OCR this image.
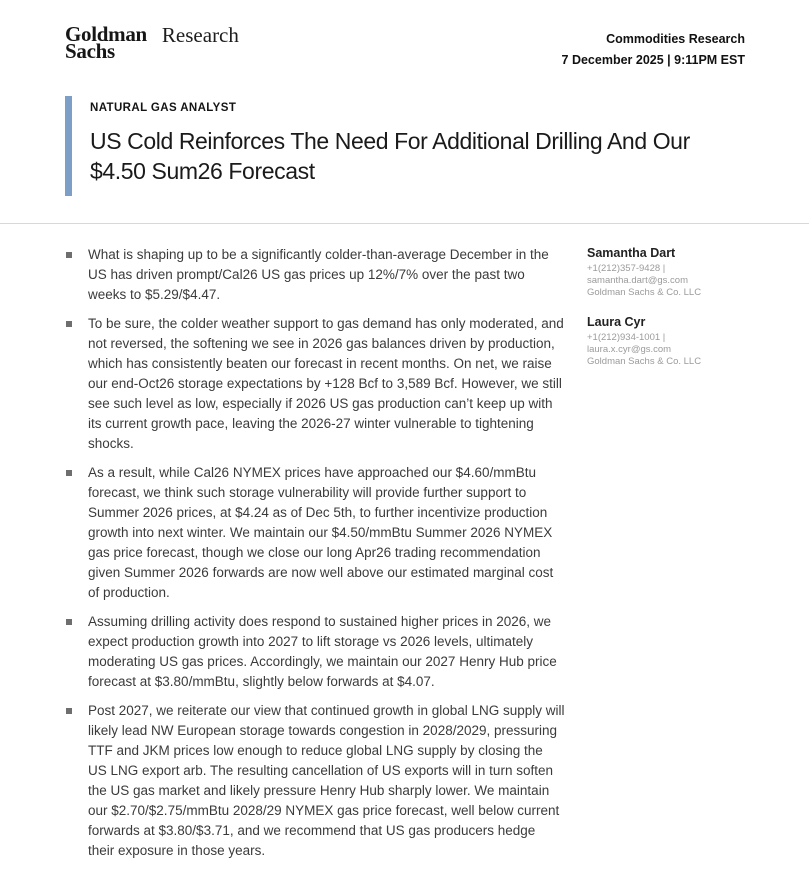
Goldman
Sachs
Research	Commodities Research
7 December 2025 | 9:11PM EST
NATURAL GAS ANALYST
US Cold Reinforces The Need For Additional Drilling And Our $4.50 Sum26 Forecast
What is shaping up to be a significantly colder-than-average December in the US has driven prompt/Cal26 US gas prices up 12%/7% over the past two weeks to $5.29/$4.47.
To be sure, the colder weather support to gas demand has only moderated, and not reversed, the softening we see in 2026 gas balances driven by production, which has consistently beaten our forecast in recent months. On net, we raise our end-Oct26 storage expectations by +128 Bcf to 3,589 Bcf. However, we still see such level as low, especially if 2026 US gas production can’t keep up with its current growth pace, leaving the 2026-27 winter vulnerable to tightening shocks.
As a result, while Cal26 NYMEX prices have approached our $4.60/mmBtu forecast, we think such storage vulnerability will provide further support to Summer 2026 prices, at $4.24 as of Dec 5th, to further incentivize production growth into next winter. We maintain our $4.50/mmBtu Summer 2026 NYMEX gas price forecast, though we close our long Apr26 trading recommendation given Summer 2026 forwards are now well above our estimated marginal cost of production.
Assuming drilling activity does respond to sustained higher prices in 2026, we expect production growth into 2027 to lift storage vs 2026 levels, ultimately moderating US gas prices. Accordingly, we maintain our 2027 Henry Hub price forecast at $3.80/mmBtu, slightly below forwards at $4.07.
Post 2027, we reiterate our view that continued growth in global LNG supply will likely lead NW European storage towards congestion in 2028/2029, pressuring TTF and JKM prices low enough to reduce global LNG supply by closing the US LNG export arb. The resulting cancellation of US exports will in turn soften the US gas market and likely pressure Henry Hub sharply lower. We maintain our $2.70/$2.75/mmBtu 2028/29 NYMEX gas price forecast, well below current forwards at $3.80/$3.71, and we recommend that US gas producers hedge their exposure in those years.
Samantha Dart
+1(212)357-9428 |
samantha.dart@gs.com
Goldman Sachs & Co. LLC
Laura Cyr
+1(212)934-1001 | laura.x.cyr@gs.com
Goldman Sachs & Co. LLC
